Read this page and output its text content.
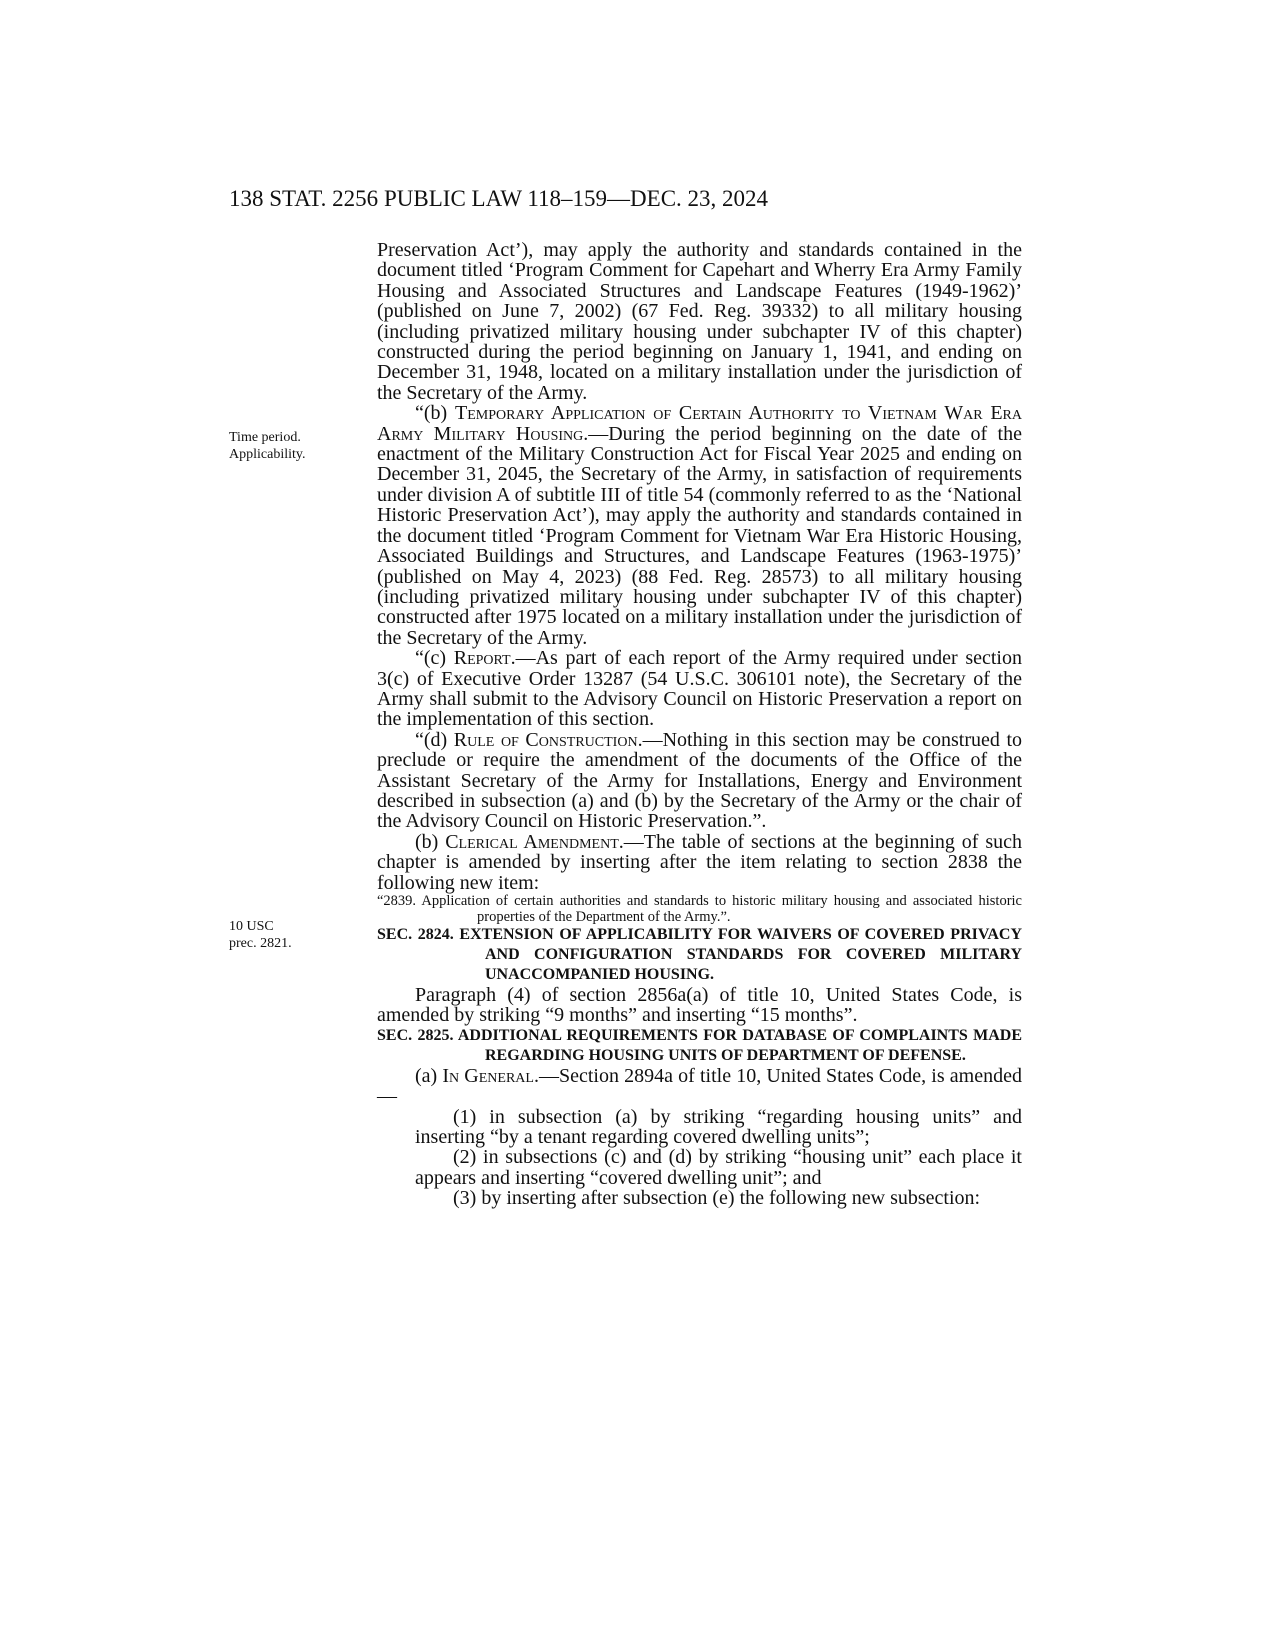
138 STAT. 2256 PUBLIC LAW 118–159—DEC. 23, 2024
Time period.
Applicability.
10 USC
prec. 2821.

Preservation Act’), may apply the authority and standards contained in the document titled ‘Program Comment for Capehart and Wherry Era Army Family Housing and Associated Structures and Landscape Features (1949-1962)’ (published on June 7, 2002) (67 Fed. Reg. 39332) to all military housing (including privatized military housing under subchapter IV of this chapter) constructed during the period beginning on January 1, 1941, and ending on December 31, 1948, located on a military installation under the jurisdiction of the Secretary of the Army.

“(b) Temporary Application of Certain Authority to Vietnam War Era Army Military Housing.—During the period beginning on the date of the enactment of the Military Construction Act for Fiscal Year 2025 and ending on December 31, 2045, the Secretary of the Army, in satisfaction of requirements under division A of subtitle III of title 54 (commonly referred to as the ‘National Historic Preservation Act’), may apply the authority and standards contained in the document titled ‘Program Comment for Vietnam War Era Historic Housing, Associated Buildings and Structures, and Landscape Features (1963-1975)’ (published on May 4, 2023) (88 Fed. Reg. 28573) to all military housing (including privatized military housing under subchapter IV of this chapter) constructed after 1975 located on a military installation under the jurisdiction of the Secretary of the Army.

“(c) Report.—As part of each report of the Army required under section 3(c) of Executive Order 13287 (54 U.S.C. 306101 note), the Secretary of the Army shall submit to the Advisory Council on Historic Preservation a report on the implementation of this section.

“(d) Rule of Construction.—Nothing in this section may be construed to preclude or require the amendment of the documents of the Office of the Assistant Secretary of the Army for Installations, Energy and Environment described in subsection (a) and (b) by the Secretary of the Army or the chair of the Advisory Council on Historic Preservation.”.

(b) Clerical Amendment.—The table of sections at the beginning of such chapter is amended by inserting after the item relating to section 2838 the following new item:

“2839. Application of certain authorities and standards to historic military housing and associated historic properties of the Department of the Army.”.

SEC. 2824. EXTENSION OF APPLICABILITY FOR WAIVERS OF COVERED PRIVACY AND CONFIGURATION STANDARDS FOR COVERED MILITARY UNACCOMPANIED HOUSING.

Paragraph (4) of section 2856a(a) of title 10, United States Code, is amended by striking “9 months” and inserting “15 months”.

SEC. 2825. ADDITIONAL REQUIREMENTS FOR DATABASE OF COMPLAINTS MADE REGARDING HOUSING UNITS OF DEPARTMENT OF DEFENSE.

(a) In General.—Section 2894a of title 10, United States Code, is amended—

(1) in subsection (a) by striking “regarding housing units” and inserting “by a tenant regarding covered dwelling units”;

(2) in subsections (c) and (d) by striking “housing unit” each place it appears and inserting “covered dwelling unit”; and

(3) by inserting after subsection (e) the following new subsection:
